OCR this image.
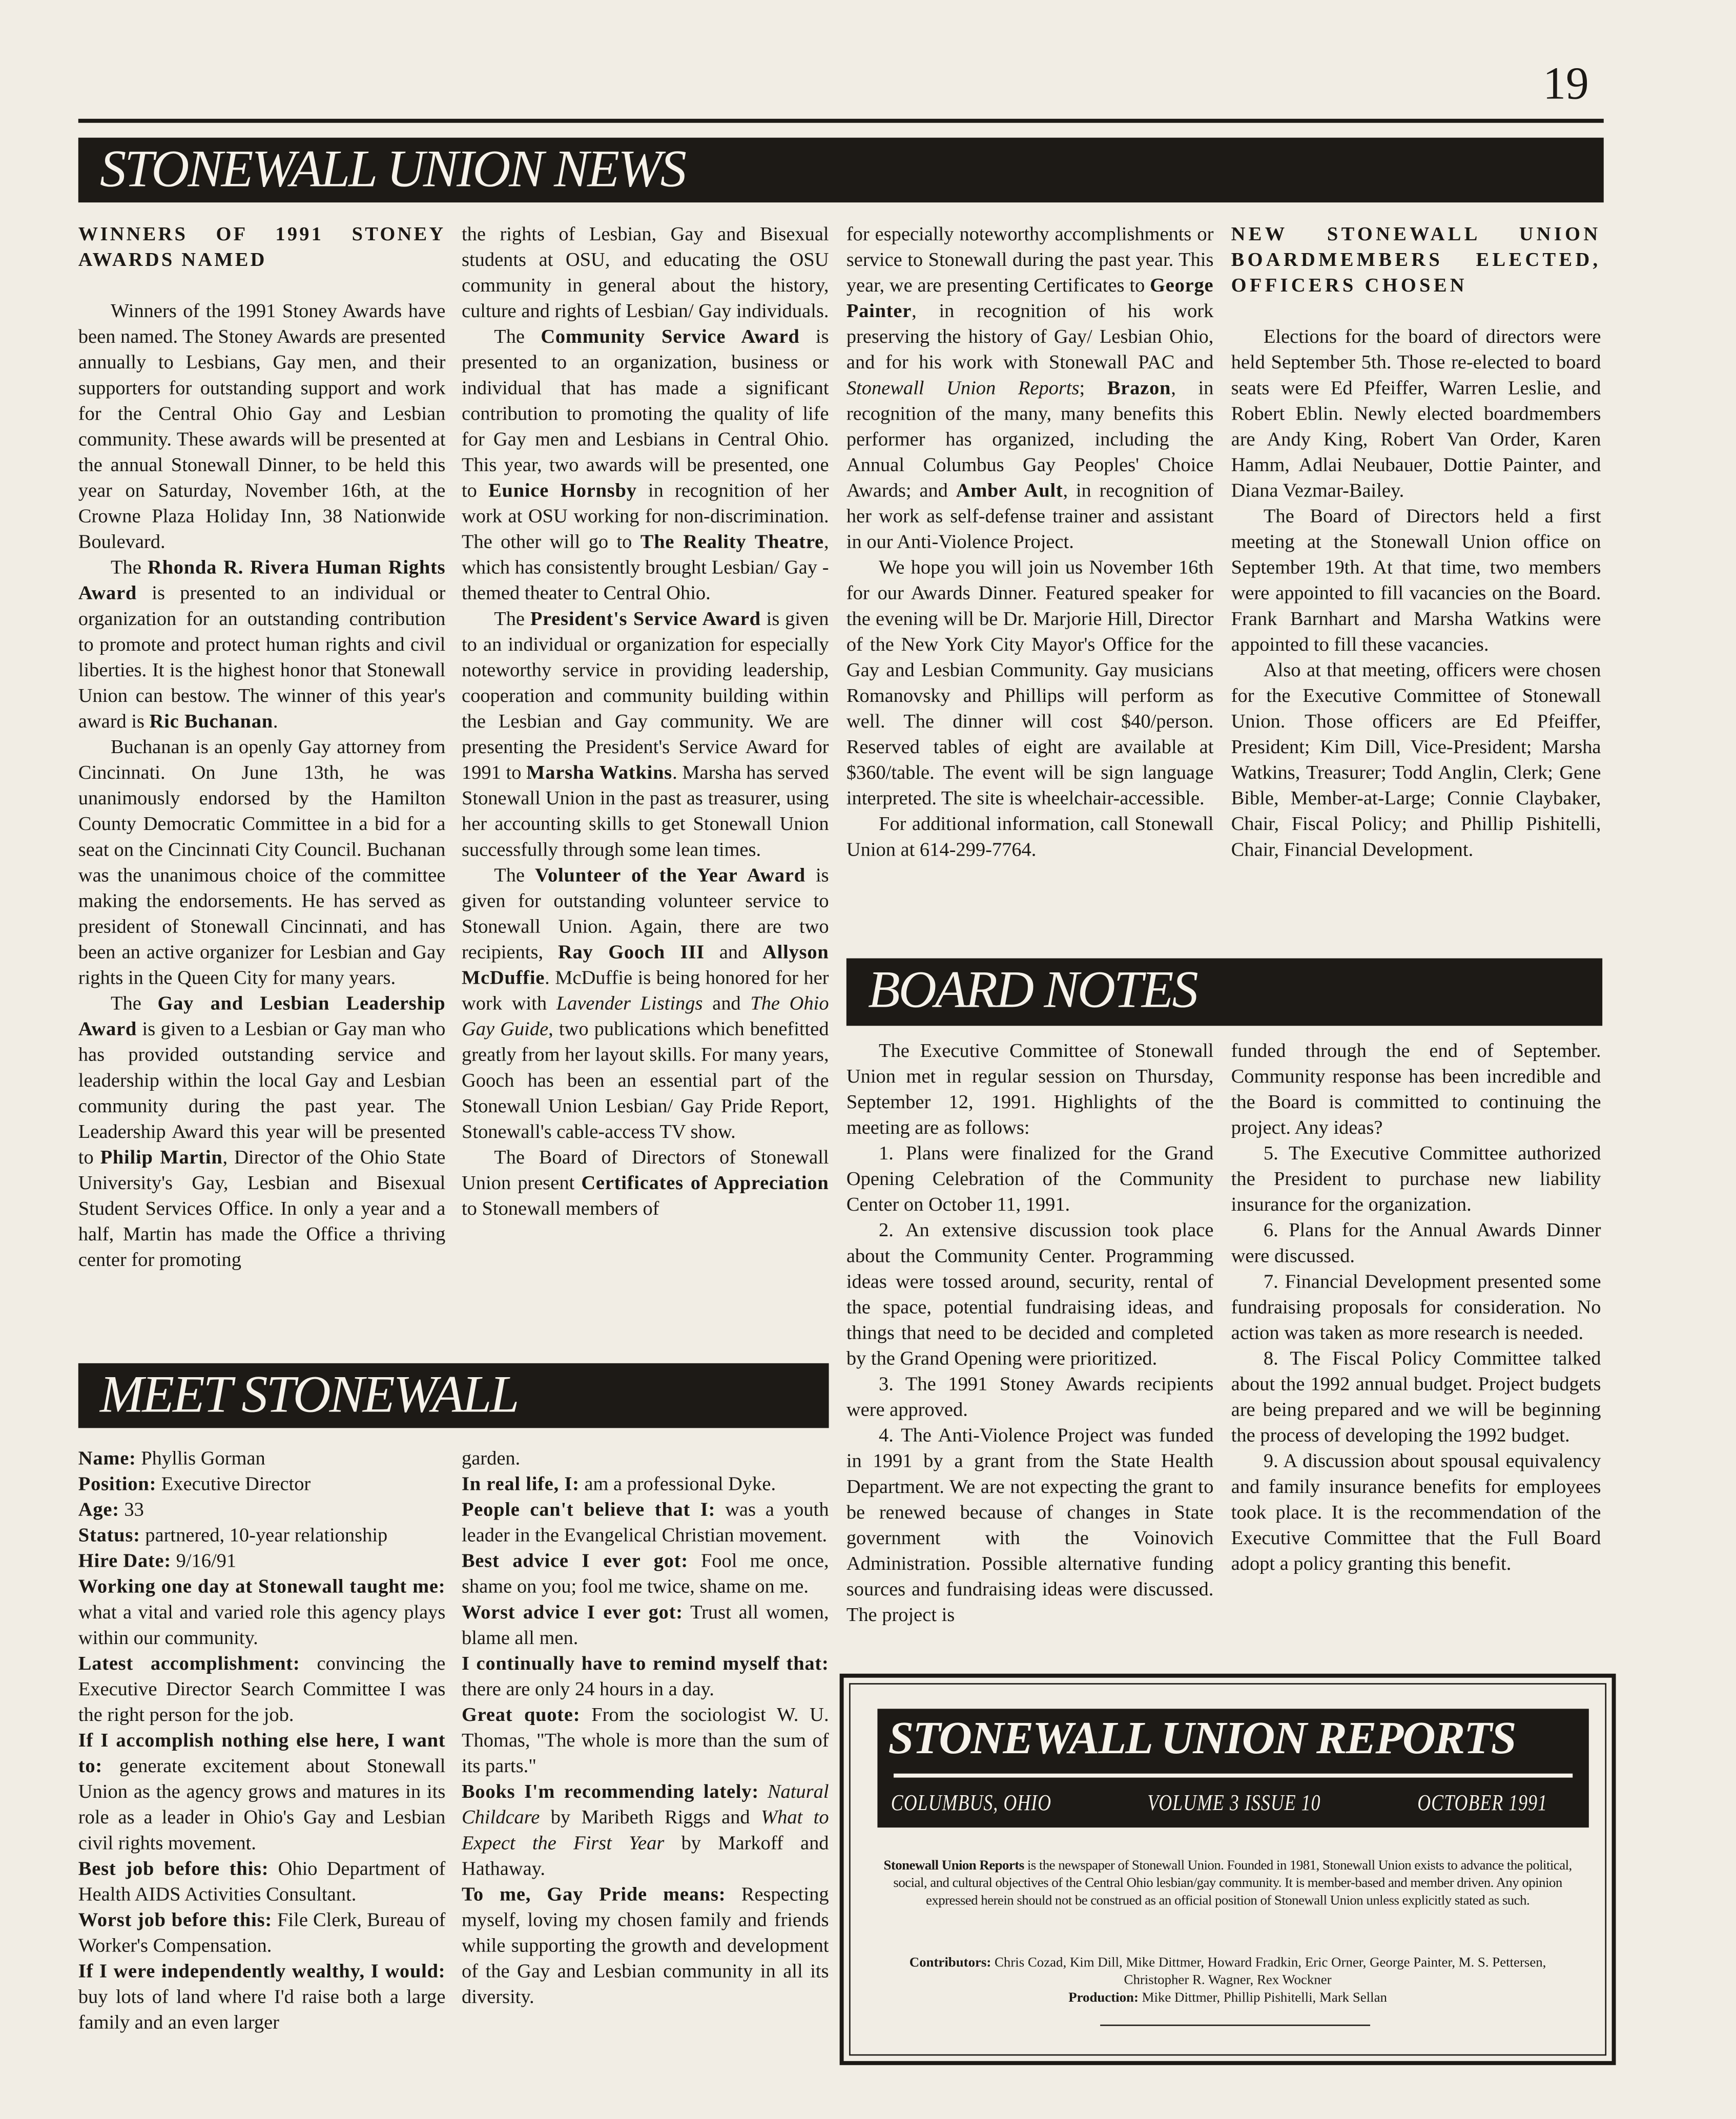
19
STONEWALL UNION NEWS
WINNERS OF 1991 STONEY AWARDS NAMED

Winners of the 1991 Stoney Awards have been named. The Stoney Awards are presented annually to Lesbians, Gay men, and their supporters for outstanding support and work for the Central Ohio Gay and Lesbian community. These awards will be presented at the annual Stonewall Dinner, to be held this year on Saturday, November 16th, at the Crowne Plaza Holiday Inn, 38 Nationwide Boulevard.

The Rhonda R. Rivera Human Rights Award is presented to an individual or organization for an outstanding contribution to promote and protect human rights and civil liberties. It is the highest honor that Stonewall Union can bestow. The winner of this year's award is Ric Buchanan.

Buchanan is an openly Gay attorney from Cincinnati. On June 13th, he was unanimously endorsed by the Hamilton County Democratic Committee in a bid for a seat on the Cincinnati City Council. Buchanan was the unanimous choice of the committee making the endorsements. He has served as president of Stonewall Cincinnati, and has been an active organizer for Lesbian and Gay rights in the Queen City for many years.

The Gay and Lesbian Leadership Award is given to a Lesbian or Gay man who has provided outstanding service and leadership within the local Gay and Lesbian community during the past year. The Leadership Award this year will be presented to Philip Martin, Director of the Ohio State University's Gay, Lesbian and Bisexual Student Services Office. In only a year and a half, Martin has made the Office a thriving center for promoting

the rights of Lesbian, Gay and Bisexual students at OSU, and educating the OSU community in general about the history, culture and rights of Lesbian/ Gay individuals.

The Community Service Award is presented to an organization, business or individual that has made a significant contribution to promoting the quality of life for Gay men and Lesbians in Central Ohio. This year, two awards will be presented, one to Eunice Hornsby in recognition of her work at OSU working for non-discrimination. The other will go to The Reality Theatre, which has consistently brought Lesbian/ Gay - themed theater to Central Ohio.

The President's Service Award is given to an individual or organization for especially noteworthy service in providing leadership, cooperation and community building within the Lesbian and Gay community. We are presenting the President's Service Award for 1991 to Marsha Watkins. Marsha has served Stonewall Union in the past as treasurer, using her accounting skills to get Stonewall Union successfully through some lean times.

The Volunteer of the Year Award is given for outstanding volunteer service to Stonewall Union. Again, there are two recipients, Ray Gooch III and Allyson McDuffie. McDuffie is being honored for her work with Lavender Listings and The Ohio Gay Guide, two publications which benefitted greatly from her layout skills. For many years, Gooch has been an essential part of the Stonewall Union Lesbian/ Gay Pride Report, Stonewall's cable-access TV show.

The Board of Directors of Stonewall Union present Certificates of Appreciation to Stonewall members of

for especially noteworthy accomplishments or service to Stonewall during the past year. This year, we are presenting Certificates to George Painter, in recognition of his work preserving the history of Gay/ Lesbian Ohio, and for his work with Stonewall PAC and Stonewall Union Reports; Brazon, in recognition of the many, many benefits this performer has organized, including the Annual Columbus Gay Peoples' Choice Awards; and Amber Ault, in recognition of her work as self-defense trainer and assistant in our Anti-Violence Project.

We hope you will join us November 16th for our Awards Dinner. Featured speaker for the evening will be Dr. Marjorie Hill, Director of the New York City Mayor's Office for the Gay and Lesbian Community. Gay musicians Romanovsky and Phillips will perform as well. The dinner will cost $40/person. Reserved tables of eight are available at $360/table. The event will be sign language interpreted. The site is wheelchair-accessible.

For additional information, call Stonewall Union at 614-299-7764.

NEW STONEWALL UNION BOARDMEMBERS ELECTED, OFFICERS CHOSEN

Elections for the board of directors were held September 5th. Those re-elected to board seats were Ed Pfeiffer, Warren Leslie, and Robert Eblin. Newly elected boardmembers are Andy King, Robert Van Order, Karen Hamm, Adlai Neubauer, Dottie Painter, and Diana Vezmar-Bailey.

The Board of Directors held a first meeting at the Stonewall Union office on September 19th. At that time, two members were appointed to fill vacancies on the Board. Frank Barnhart and Marsha Watkins were appointed to fill these vacancies.

Also at that meeting, officers were chosen for the Executive Committee of Stonewall Union. Those officers are Ed Pfeiffer, President; Kim Dill, Vice-President; Marsha Watkins, Treasurer; Todd Anglin, Clerk; Gene Bible, Member-at-Large; Connie Claybaker, Chair, Fiscal Policy; and Phillip Pishitelli, Chair, Financial Development.

BOARD NOTES

The Executive Committee of Stonewall Union met in regular session on Thursday, September 12, 1991. Highlights of the meeting are as follows:

1. Plans were finalized for the Grand Opening Celebration of the Community Center on October 11, 1991.

2. An extensive discussion took place about the Community Center. Programming ideas were tossed around, security, rental of the space, potential fundraising ideas, and things that need to be decided and completed by the Grand Opening were prioritized.

3. The 1991 Stoney Awards recipients were approved.

4. The Anti-Violence Project was funded in 1991 by a grant from the State Health Department. We are not expecting the grant to be renewed because of changes in State government with the Voinovich Administration. Possible alternative funding sources and fundraising ideas were discussed. The project is

funded through the end of September. Community response has been incredible and the Board is committed to continuing the project. Any ideas?

5. The Executive Committee authorized the President to purchase new liability insurance for the organization.

6. Plans for the Annual Awards Dinner were discussed.

7. Financial Development presented some fundraising proposals for consideration. No action was taken as more research is needed.

8. The Fiscal Policy Committee talked about the 1992 annual budget. Project budgets are being prepared and we will be beginning the process of developing the 1992 budget.

9. A discussion about spousal equivalency and family insurance benefits for employees took place. It is the recommendation of the Executive Committee that the Full Board adopt a policy granting this benefit.

MEET STONEWALL

Name: Phyllis Gorman

Position: Executive Director

Age: 33

Status: partnered, 10-year relationship

Hire Date: 9/16/91

Working one day at Stonewall taught me: what a vital and varied role this agency plays within our community.

Latest accomplishment: convincing the Executive Director Search Committee I was the right person for the job.

If I accomplish nothing else here, I want to: generate excitement about Stonewall Union as the agency grows and matures in its role as a leader in Ohio's Gay and Lesbian civil rights movement.

Best job before this: Ohio Department of Health AIDS Activities Consultant.

Worst job before this: File Clerk, Bureau of Worker's Compensation.

If I were independently wealthy, I would: buy lots of land where I'd raise both a large family and an even larger

garden.

In real life, I: am a professional Dyke.

People can't believe that I: was a youth leader in the Evangelical Christian movement.

Best advice I ever got: Fool me once, shame on you; fool me twice, shame on me.

Worst advice I ever got: Trust all women, blame all men.

I continually have to remind myself that: there are only 24 hours in a day.

Great quote: From the sociologist W. U. Thomas, "The whole is more than the sum of its parts."

Books I'm recommending lately: Natural Childcare by Maribeth Riggs and What to Expect the First Year by Markoff and Hathaway.

To me, Gay Pride means: Respecting myself, loving my chosen family and friends while supporting the growth and development of the Gay and Lesbian community in all its diversity.

STONEWALL UNION REPORTS
COLUMBUS, OHIO	VOLUME 3 ISSUE 10	OCTOBER 1991
Stonewall Union Reports is the newspaper of Stonewall Union. Founded in 1981, Stonewall Union exists to advance the political, social, and cultural objectives of the Central Ohio lesbian/gay community. It is member-based and member driven. Any opinion expressed herein should not be construed as an official position of Stonewall Union unless explicitly stated as such.
Contributors: Chris Cozad, Kim Dill, Mike Dittmer, Howard Fradkin, Eric Orner, George Painter, M. S. Pettersen, Christopher R. Wagner, Rex Wockner
Production: Mike Dittmer, Phillip Pishitelli, Mark Sellan
